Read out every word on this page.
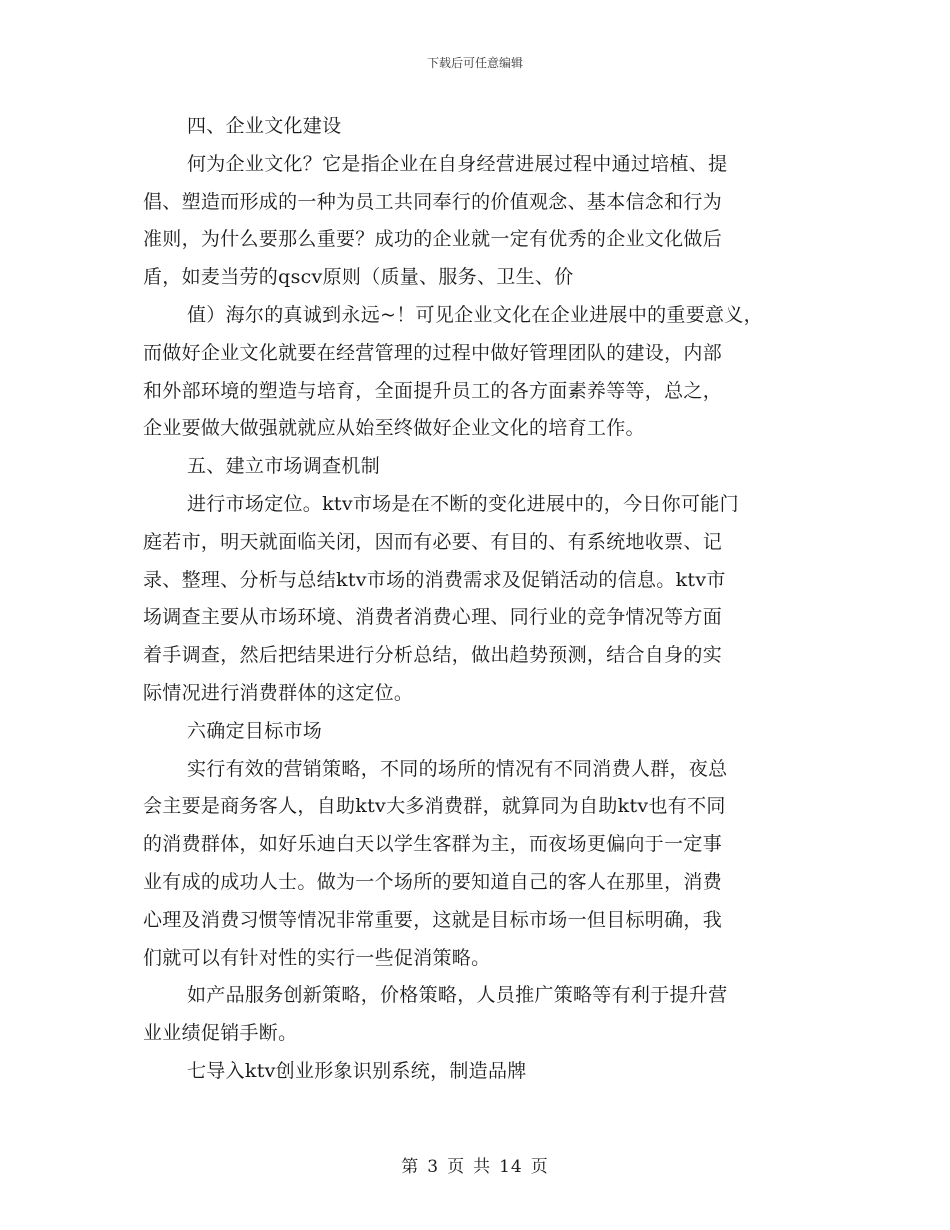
下载后可任意编辑
四、企业文化建设
何为企业文化？它是指企业在自身经营进展过程中通过培植、提
倡、塑造而形成的一种为员工共同奉行的价值观念、基本信念和行为
准则，为什么要那么重要？成功的企业就一定有优秀的企业文化做后
盾，如麦当劳的qscv原则（质量、服务、卫生、价
值）海尔的真诚到永远~！可见企业文化在企业进展中的重要意义，
而做好企业文化就要在经营管理的过程中做好管理团队的建设，内部
和外部环境的塑造与培育，全面提升员工的各方面素养等等，总之，
企业要做大做强就就应从始至终做好企业文化的培育工作。
五、建立市场调查机制
进行市场定位。ktv市场是在不断的变化进展中的，今日你可能门
庭若市，明天就面临关闭，因而有必要、有目的、有系统地收票、记
录、整理、分析与总结ktv市场的消费需求及促销活动的信息。ktv市
场调查主要从市场环境、消费者消费心理、同行业的竞争情况等方面
着手调查，然后把结果进行分析总结，做出趋势预测，结合自身的实
际情况进行消费群体的这定位。
六确定目标市场
实行有效的营销策略，不同的场所的情况有不同消费人群，夜总
会主要是商务客人，自助ktv大多消费群，就算同为自助ktv也有不同
的消费群体，如好乐迪白天以学生客群为主，而夜场更偏向于一定事
业有成的成功人士。做为一个场所的要知道自己的客人在那里，消费
心理及消费习惯等情况非常重要，这就是目标市场一但目标明确，我
们就可以有针对性的实行一些促消策略。
如产品服务创新策略，价格策略，人员推广策略等有利于提升营
业业绩促销手断。
七导入ktv创业形象识别系统，制造品牌
第 3 页 共 14 页
